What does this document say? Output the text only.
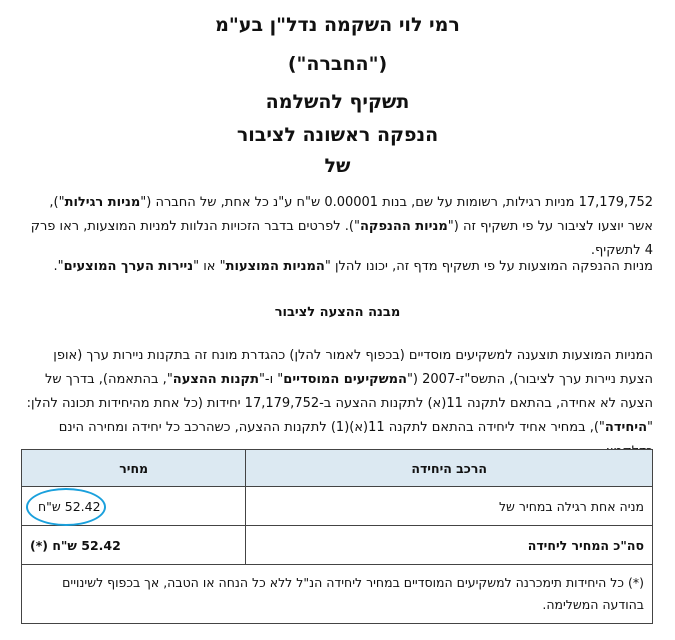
רמי לוי השקמה נדל"ן בע"מ
("החברה")
תשקיף להשלמה
הנפקה ראשונה לציבור
של
17,179,752 מניות רגילות, רשומות על שם, בנות 0.00001 ש"ח ע"נ כל אחת, של החברה ("מניות רגילות"), אשר יוצעו לציבור על פי תשקיף זה ("מניות ההנפקה"). לפרטים בדבר הזכויות הנלוות למניות המוצעות, ראו פרק 4 לתשקיף.
מניות ההנפקה המוצעות על פי תשקיף מדף זה, יכונו להלן "המניות המוצעות" או "ניירות הערך המוצעים".
מבנה ההצעה לציבור
המניות המוצעות תוצענה למשקיעים מוסדיים (בכפוף לאמור להלן) כהגדרת מונח זה בתקנות ניירות ערך (אופן הצעת ניירות ערך לציבור), התשס"ז-2007 ("המשקיעים המוסדיים" ו-"תקנות ההצעה", בהתאמה), בדרך של הצעה לא אחידה, בהתאם לתקנה 11(א) לתקנות ההצעה ב-17,179,752 יחידות (כל אחת מהיחידות תכונה להלן: "היחידה"), במחיר אחיד ליחידה בהתאם לתקנה 11(א)(1) לתקנות ההצעה, כשהרכב כל יחידה ומחירה הינם
הרכב היחידה	מחיר
מניה אחת רגילה במחיר של	52.42 ש"ח
סה"כ המחיר ליחידה	52.42 ש"ח (*)
(*) כל היחידות תימכרנה למשקיעים המוסדיים במחיר ליחידה הנ"ל ללא כל הנחה או הטבה, אך בכפוף לשינויים בהודעה המשלימה.	
